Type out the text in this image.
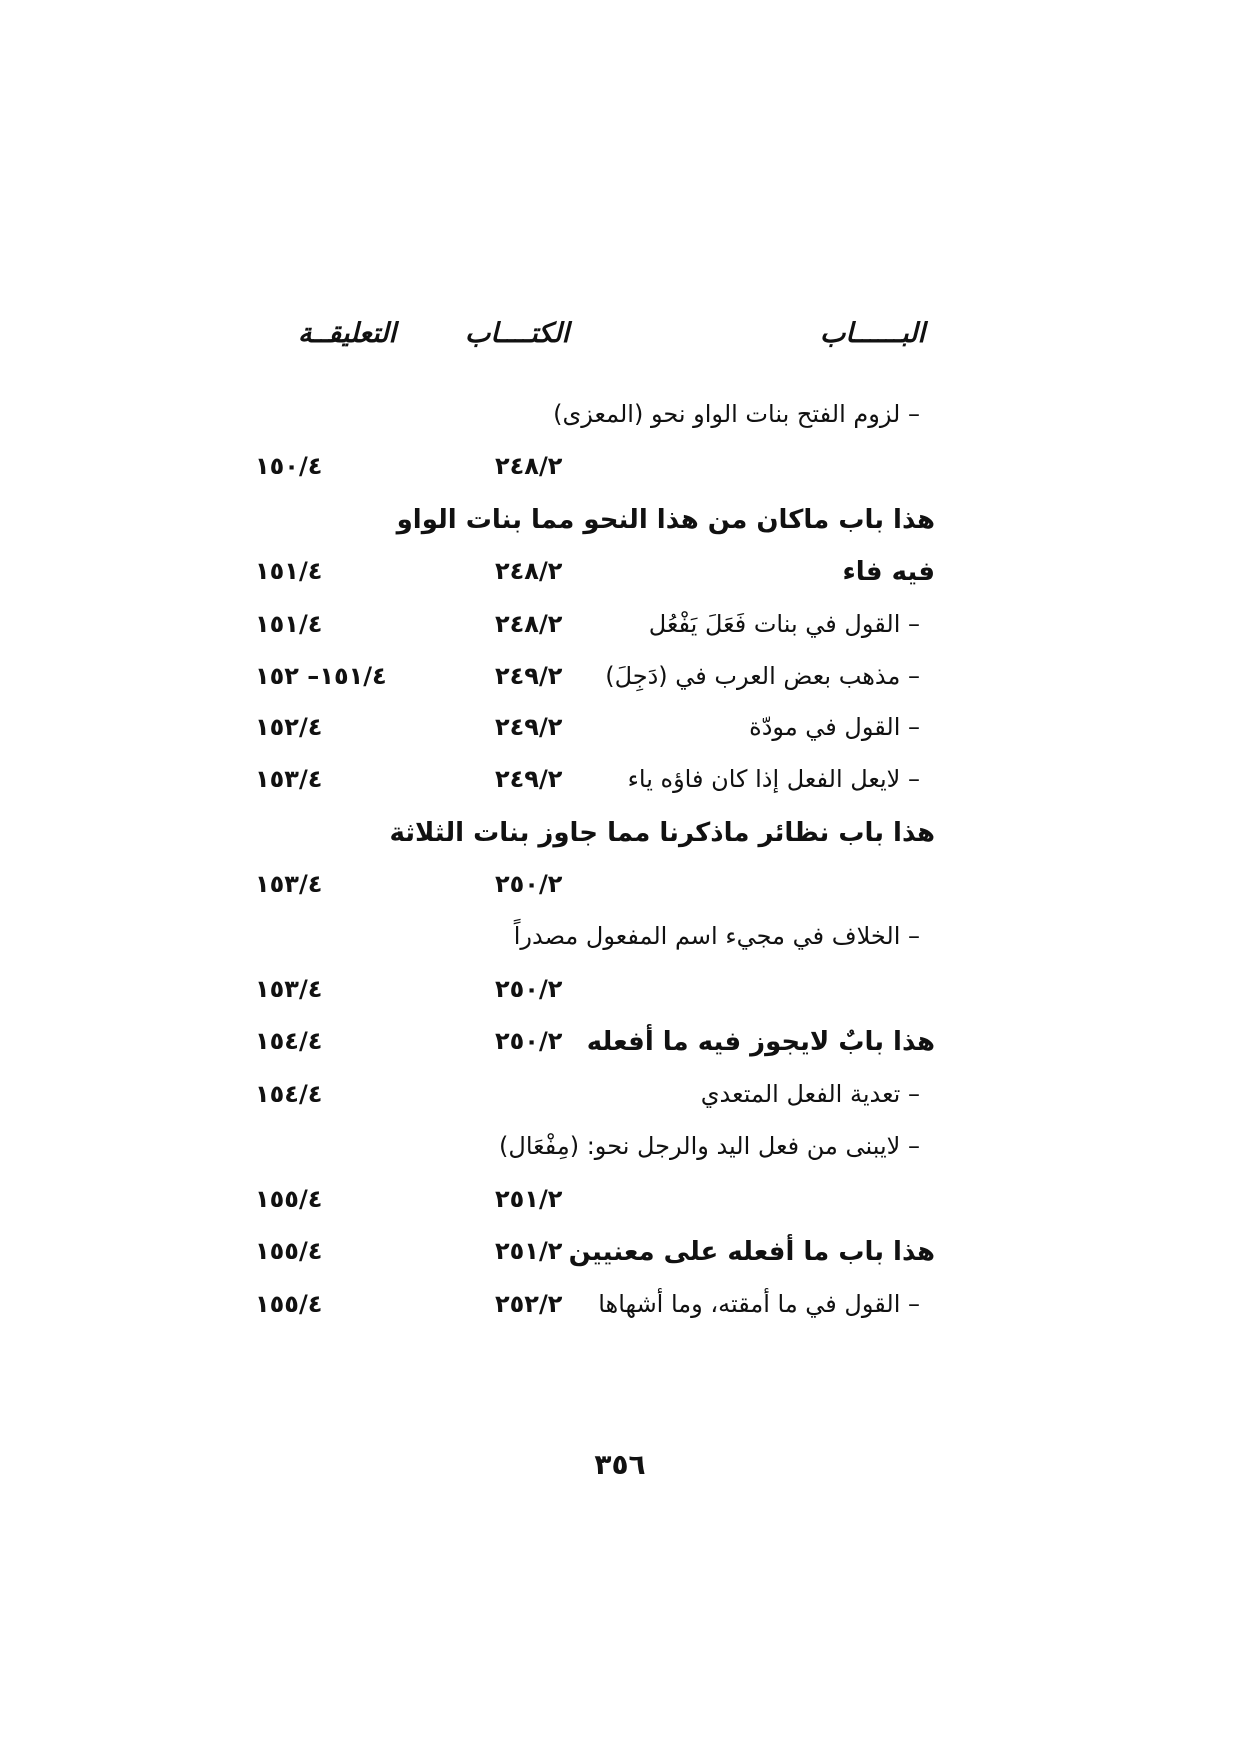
البــــــاب
الكتــــاب
التعليقــة
– لزوم الفتح بنات الواو نحو (المعزى)
٢٤٨/٢
١٥٠/٤
هذا باب ماكان من هذا النحو مما بنات الواو
فيه فاء
٢٤٨/٢
١٥١/٤
– القول في بنات فَعَلَ يَفْعُل
٢٤٨/٢
١٥١/٤
– مذهب بعض العرب في (دَجِلَ)
٢٤٩/٢
١٥١/٤– ١٥٢
– القول في مودّة
٢٤٩/٢
١٥٢/٤
– لايعل الفعل إذا كان فاؤه ياء
٢٤٩/٢
١٥٣/٤
هذا باب نظائر ماذكرنا مما جاوز بنات الثلاثة
٢٥٠/٢
١٥٣/٤
– الخلاف في مجيء اسم المفعول مصدراً
٢٥٠/٢
١٥٣/٤
هذا بابٌ لايجوز فيه ما أفعله
٢٥٠/٢
١٥٤/٤
– تعدية الفعل المتعدي
١٥٤/٤
– لايبنى من فعل اليد والرجل نحو: (مِفْعَال)
٢٥١/٢
١٥٥/٤
هذا باب ما أفعله على معنيين
٢٥١/٢
١٥٥/٤
– القول في ما أمقته، وما أشهاها
٢٥٢/٢
١٥٥/٤
٣٥٦
